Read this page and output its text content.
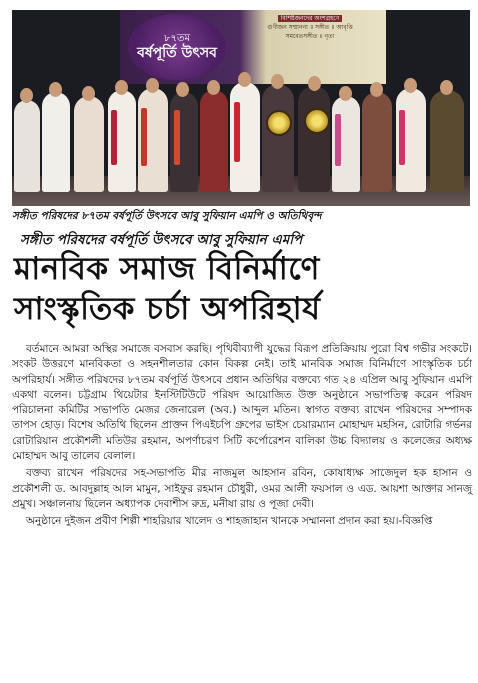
৮৭তম
বর্ষপূর্তি উৎসব
বিশিষ্টজনদের অংশগ্রহণে
গুণীজন সম্মাননা ॥ সঙ্গীত ॥ আবৃত্তি
সমবেতসঙ্গীত ॥ নৃত্য
সঙ্গীত পরিষদের ৮৭তম বর্ষপূর্তি উৎসবে আবু সুফিয়ান এমপি ও অতিথিবৃন্দ
সঙ্গীত পরিষদের বর্ষপূর্তি উৎসবে আবু সুফিয়ান এমপি
মানবিক সমাজ বিনির্মাণে
সাংস্কৃতিক চর্চা অপরিহার্য

বর্তমানে আমরা অস্থির সমাজে বসবাস করছি। পৃথিবীব্যাপী যুদ্ধের বিরূপ প্রতিক্রিয়ায় পুরো বিশ্ব গভীর সংকটে। সংকট উত্তরণে মানবিকতা ও সহনশীলতার কোন বিকল্প নেই। তাই মানবিক সমাজ বিনির্মাণে সাংস্কৃতিক চর্চা অপরিহার্য। সঙ্গীত পরিষদের ৮৭তম বর্ষপূর্তি উৎসবে প্রধান অতিথির বক্তব্যে গত ২৪ এপ্রিল আবু সুফিয়ান এমপি একথা বলেন। চট্টগ্রাম থিয়েটার ইনস্টিটিউটে পরিষদ আয়োজিত উক্ত অনুষ্ঠানে সভাপতিত্ব করেন পরিষদ পরিচালনা কমিটির সভাপতি মেজর জেনারেল (অব.) আব্দুল মতিন। স্বাগত বক্তব্য রাখেন পরিষদের সম্পাদক তাপস হোড়। বিশেষ অতিথি ছিলেন প্রাক্তন পিএইচপি গ্রুপের ভাইস চেয়ারম্যান মোহাম্মদ মহসিন, রোটারি গর্ভনর রোটারিয়ান প্রকৌশলী মতিউর রহমান, অপর্ণাচরণ সিটি কর্পোরেশন বালিকা উচ্চ বিদ্যালয় ও কলেজের অধ্যক্ষ মোহাম্মদ আবু তালেব বেলাল।

বক্তব্য রাখেন পরিষদের সহ-সভাপতি মীর নাজমুল আহসান রবিন, কোষাধ্যক্ষ সাজেদুল হক হাসান ও প্রকৌশলী ড. আবদুল্লাহ আল মামুন, সাইফুর রহমান চৌধুরী, ওমর আলী ফয়সাল ও এড. আয়শা আক্তার সানজু প্রমুখ। সঞ্চালনায় ছিলেন অধ্যাপক দেবাশীস রুদ্র, মনীষা রায় ও পূজা দেবী।

অনুষ্ঠানে দুইজন প্রবীণ শিল্পী শাহরিয়ার খালেদ ও শাহজাহান খানকে সম্মাননা প্রদান করা হয়।-বিজ্ঞপ্তি
